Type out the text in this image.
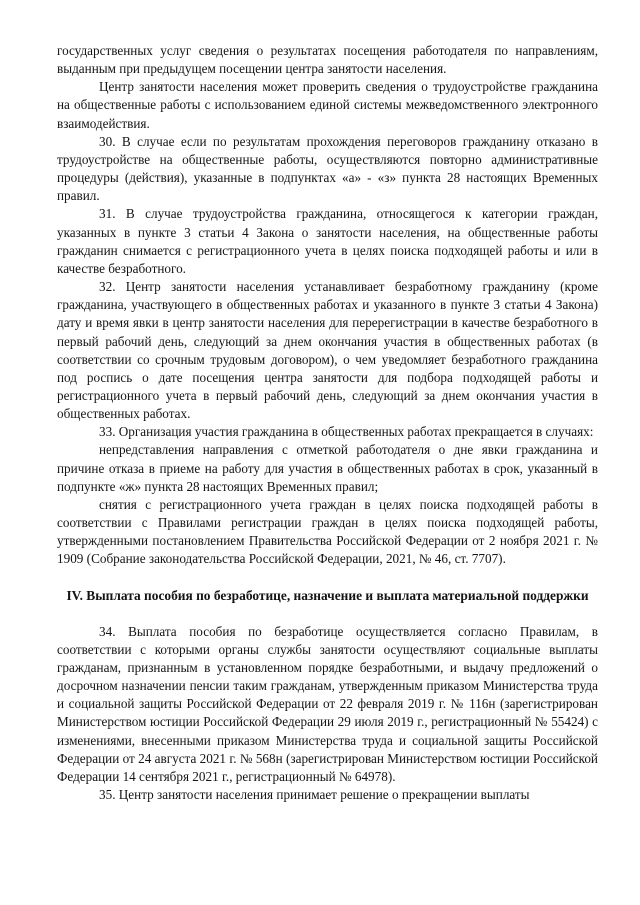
государственных услуг сведения о результатах посещения работодателя по направлениям, выданным при предыдущем посещении центра занятости населения.

Центр занятости населения может проверить сведения о трудоустройстве гражданина на общественные работы с использованием единой системы межведомственного электронного взаимодействия.

30. В случае если по результатам прохождения переговоров гражданину отказано в трудоустройстве на общественные работы, осуществляются повторно административные процедуры (действия), указанные в подпунктах «а» - «з» пункта 28 настоящих Временных правил.

31. В случае трудоустройства гражданина, относящегося к категории граждан, указанных в пункте 3 статьи 4 Закона о занятости населения, на общественные работы гражданин снимается с регистрационного учета в целях поиска подходящей работы и или в качестве безработного.

32. Центр занятости населения устанавливает безработному гражданину (кроме гражданина, участвующего в общественных работах и указанного в пункте 3 статьи 4 Закона) дату и время явки в центр занятости населения для перерегистрации в качестве безработного в первый рабочий день, следующий за днем окончания участия в общественных работах (в соответствии со срочным трудовым договором), о чем уведомляет безработного гражданина под роспись о дате посещения центра занятости для подбора подходящей работы и регистрационного учета в первый рабочий день, следующий за днем окончания участия в общественных работах.

33. Организация участия гражданина в общественных работах прекращается в случаях:

непредставления направления с отметкой работодателя о дне явки гражданина и причине отказа в приеме на работу для участия в общественных работах в срок, указанный в подпункте «ж» пункта 28 настоящих Временных правил;

снятия с регистрационного учета граждан в целях поиска подходящей работы в соответствии с Правилами регистрации граждан в целях поиска подходящей работы, утвержденными постановлением Правительства Российской Федерации от 2 ноября 2021 г. № 1909 (Собрание законодательства Российской Федерации, 2021, № 46, ст. 7707).

IV. Выплата пособия по безработице, назначение и выплата материальной поддержки

34. Выплата пособия по безработице осуществляется согласно Правилам, в соответствии с которыми органы службы занятости осуществляют социальные выплаты гражданам, признанным в установленном порядке безработными, и выдачу предложений о досрочном назначении пенсии таким гражданам, утвержденным приказом Министерства труда и социальной защиты Российской Федерации от 22 февраля 2019 г. № 116н (зарегистрирован Министерством юстиции Российской Федерации 29 июля 2019 г., регистрационный № 55424) с изменениями, внесенными приказом Министерства труда и социальной защиты Российской Федерации от 24 августа 2021 г. № 568н (зарегистрирован Министерством юстиции Российской Федерации 14 сентября 2021 г., регистрационный № 64978).

35. Центр занятости населения принимает решение о прекращении выплаты
